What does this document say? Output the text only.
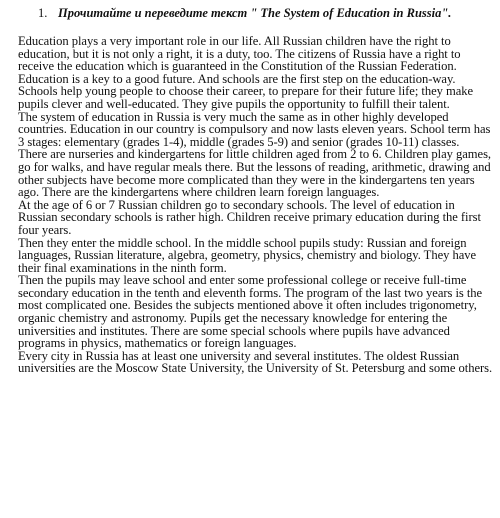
1. Прочитайте и переведите текст " The System of Education in Russia".

Education plays a very important role in our life. All Russian children have the right to education, but it is not only a right, it is a duty, too. The citizens of Russia have a right to receive the education which is guaranteed in the Constitution of the Russian Federation.

Education is a key to a good future. And schools are the first step on the education-way. Schools help young people to choose their career, to prepare for their future life; they make pupils clever and well-educated. They give pupils the opportunity to fulfill their talent.

The system of education in Russia is very much the same as in other highly developed countries. Education in our country is compulsory and now lasts eleven years. School term has 3 stages: elementary (grades 1-4), middle (grades 5-9) and senior (grades 10-11) classes.

There are nurseries and kindergartens for little children aged from 2 to 6. Children play games, go for walks, and have regular meals there. But the lessons of reading, arithmetic, drawing and other subjects have become more complicated than they were in the kindergartens ten years ago. There are the kindergartens where children learn foreign languages.

At the age of 6 or 7 Russian children go to secondary schools. The level of education in Russian secondary schools is rather high. Children receive primary education during the first four years.

Then they enter the middle school. In the middle school pupils study: Russian and foreign languages, Russian literature, algebra, geometry, physics, chemistry and biology. They have their final examinations in the ninth form.

Then the pupils may leave school and enter some professional college or receive full-time secondary education in the tenth and eleventh forms. The program of the last two years is the most complicated one. Besides the subjects mentioned above it often includes trigonometry, organic chemistry and astronomy. Pupils get the necessary knowledge for entering the universities and institutes. There are some special schools where pupils have advanced programs in physics, mathematics or foreign languages.

Every city in Russia has at least one university and several institutes. The oldest Russian universities are the Moscow State University, the University of St. Petersburg and some others.
